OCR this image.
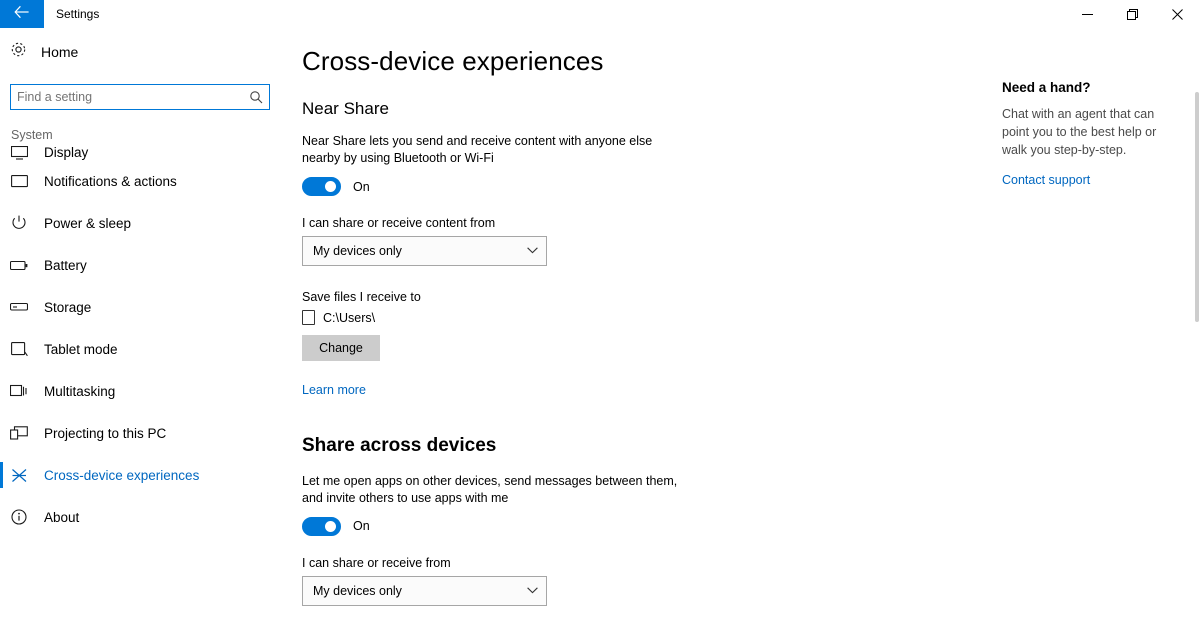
Settings
Home
Find a setting
System
Display
Notifications & actions
Power & sleep
Battery
Storage
Tablet mode
Multitasking
Projecting to this PC
Cross-device experiences
About
Cross-device experiences
Near Share

Near Share lets you send and receive content with anyone else nearby by using Bluetooth or Wi-Fi

On

I can share or receive content from

My devices only

Save files I receive to

C:\Users\
Change
Learn more
Share across devices

Let me open apps on other devices, send messages between them, and invite others to use apps with me

On

I can share or receive from

My devices only

Need a hand?

Chat with an agent that can point you to the best help or walk you step-by-step.

Contact support
